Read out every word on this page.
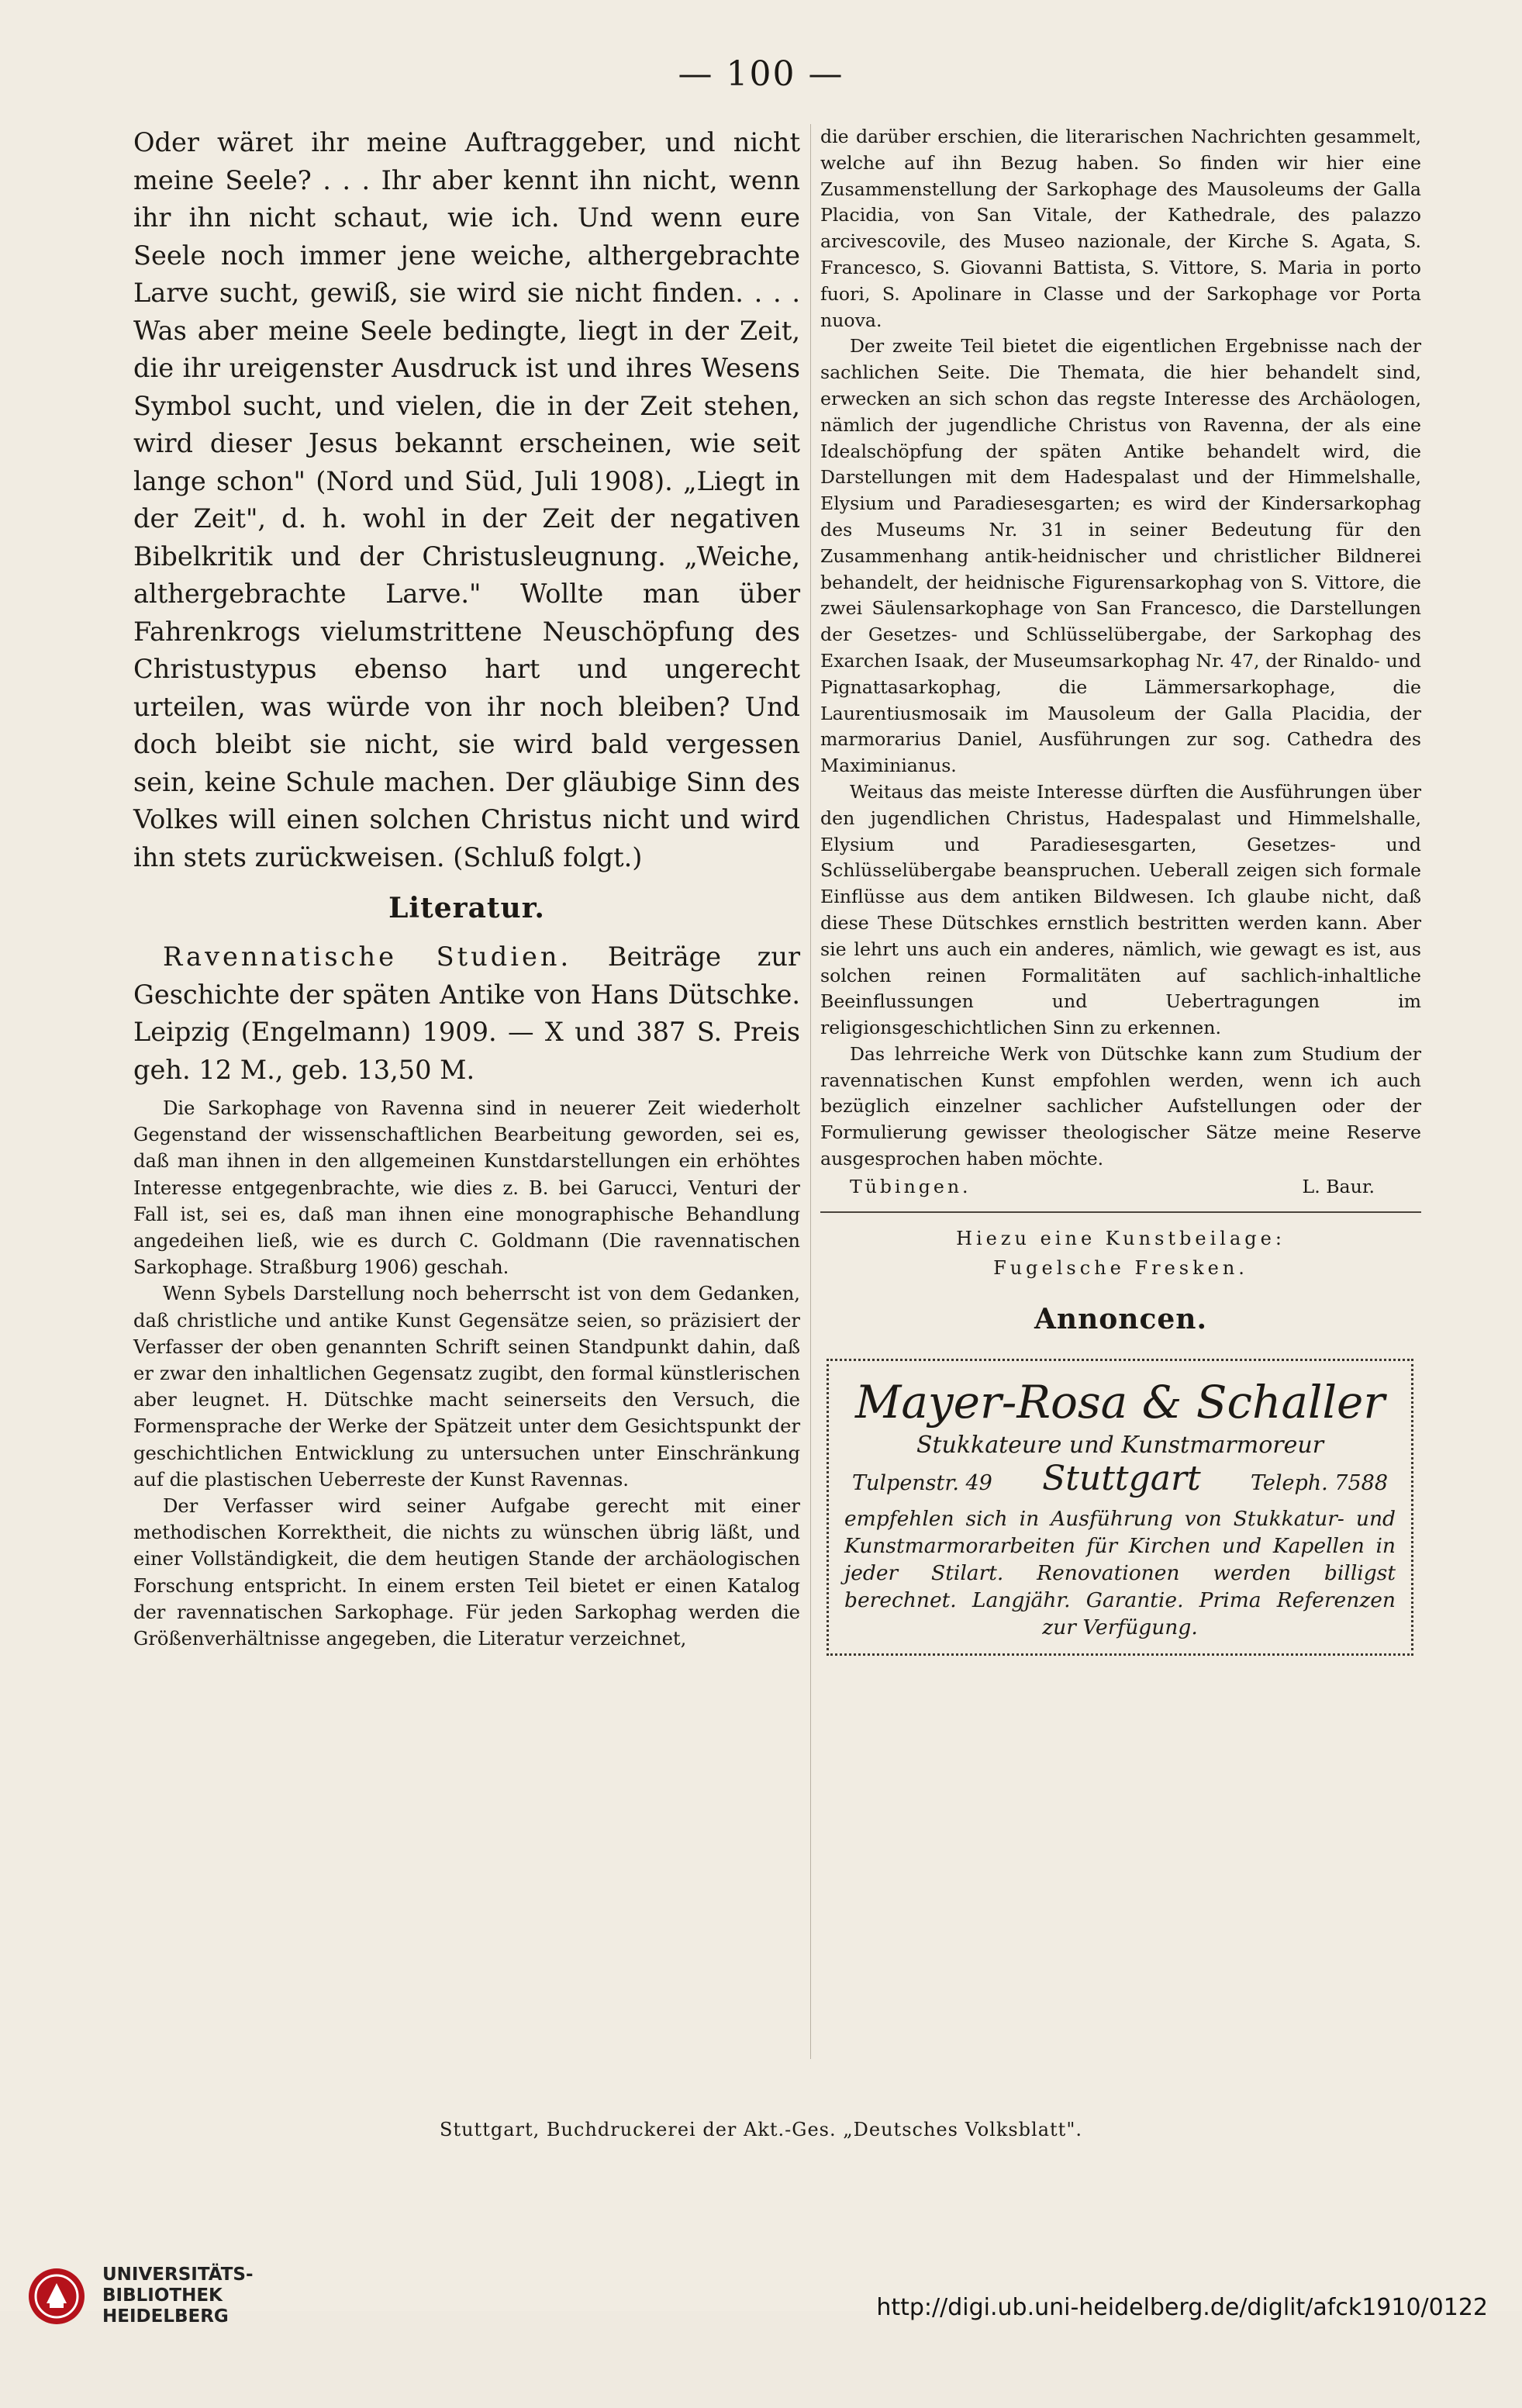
— 100 —

Oder wäret ihr meine Auftraggeber, und nicht meine Seele? . . . Ihr aber kennt ihn nicht, wenn ihr ihn nicht schaut, wie ich. Und wenn eure Seele noch immer jene weiche, althergebrachte Larve sucht, gewiß, sie wird sie nicht finden. . . . Was aber meine Seele bedingte, liegt in der Zeit, die ihr ureigenster Ausdruck ist und ihres Wesens Symbol sucht, und vielen, die in der Zeit stehen, wird dieser Jesus bekannt erscheinen, wie seit lange schon" (Nord und Süd, Juli 1908). „Liegt in der Zeit", d. h. wohl in der Zeit der negativen Bibelkritik und der Christusleugnung. „Weiche, althergebrachte Larve." Wollte man über Fahrenkrogs vielumstrittene Neuschöpfung des Christustypus ebenso hart und ungerecht urteilen, was würde von ihr noch bleiben? Und doch bleibt sie nicht, sie wird bald vergessen sein, keine Schule machen. Der gläubige Sinn des Volkes will einen solchen Christus nicht und wird ihn stets zurückweisen. (Schluß folgt.)

Literatur.

Ravennatische Studien. Beiträge zur Geschichte der späten Antike von Hans Dütschke. Leipzig (Engelmann) 1909. — X und 387 S. Preis geh. 12 M., geb. 13,50 M.

Die Sarkophage von Ravenna sind in neuerer Zeit wiederholt Gegenstand der wissenschaftlichen Bearbeitung geworden, sei es, daß man ihnen in den allgemeinen Kunstdarstellungen ein erhöhtes Interesse entgegenbrachte, wie dies z. B. bei Garucci, Venturi der Fall ist, sei es, daß man ihnen eine monographische Behandlung angedeihen ließ, wie es durch C. Goldmann (Die ravennatischen Sarkophage. Straßburg 1906) geschah.

Wenn Sybels Darstellung noch beherrscht ist von dem Gedanken, daß christliche und antike Kunst Gegensätze seien, so präzisiert der Verfasser der oben genannten Schrift seinen Standpunkt dahin, daß er zwar den inhaltlichen Gegensatz zugibt, den formal künstlerischen aber leugnet. H. Dütschke macht seinerseits den Versuch, die Formensprache der Werke der Spätzeit unter dem Gesichtspunkt der geschichtlichen Entwicklung zu untersuchen unter Einschränkung auf die plastischen Ueberreste der Kunst Ravennas.

Der Verfasser wird seiner Aufgabe gerecht mit einer methodischen Korrektheit, die nichts zu wünschen übrig läßt, und einer Vollständigkeit, die dem heutigen Stande der archäologischen Forschung entspricht. In einem ersten Teil bietet er einen Katalog der ravennatischen Sarkophage. Für jeden Sarkophag werden die Größenverhältnisse angegeben, die Literatur verzeichnet,

die darüber erschien, die literarischen Nachrichten gesammelt, welche auf ihn Bezug haben. So finden wir hier eine Zusammenstellung der Sarkophage des Mausoleums der Galla Placidia, von San Vitale, der Kathedrale, des palazzo arcivescovile, des Museo nazionale, der Kirche S. Agata, S. Francesco, S. Giovanni Battista, S. Vittore, S. Maria in porto fuori, S. Apolinare in Classe und der Sarkophage vor Porta nuova.

Der zweite Teil bietet die eigentlichen Ergebnisse nach der sachlichen Seite. Die Themata, die hier behandelt sind, erwecken an sich schon das regste Interesse des Archäologen, nämlich der jugendliche Christus von Ravenna, der als eine Idealschöpfung der späten Antike behandelt wird, die Darstellungen mit dem Hadespalast und der Himmelshalle, Elysium und Paradiesesgarten; es wird der Kindersarkophag des Museums Nr. 31 in seiner Bedeutung für den Zusammenhang antik-heidnischer und christlicher Bildnerei behandelt, der heidnische Figurensarkophag von S. Vittore, die zwei Säulensarkophage von San Francesco, die Darstellungen der Gesetzes- und Schlüsselübergabe, der Sarkophag des Exarchen Isaak, der Museumsarkophag Nr. 47, der Rinaldo- und Pignattasarkophag, die Lämmersarkophage, die Laurentiusmosaik im Mausoleum der Galla Placidia, der marmorarius Daniel, Ausführungen zur sog. Cathedra des Maximinianus.

Weitaus das meiste Interesse dürften die Ausführungen über den jugendlichen Christus, Hadespalast und Himmelshalle, Elysium und Paradiesesgarten, Gesetzes- und Schlüsselübergabe beanspruchen. Ueberall zeigen sich formale Einflüsse aus dem antiken Bildwesen. Ich glaube nicht, daß diese These Dütschkes ernstlich bestritten werden kann. Aber sie lehrt uns auch ein anderes, nämlich, wie gewagt es ist, aus solchen reinen Formalitäten auf sachlich-inhaltliche Beeinflussungen und Uebertragungen im religionsgeschichtlichen Sinn zu erkennen.

Das lehrreiche Werk von Dütschke kann zum Studium der ravennatischen Kunst empfohlen werden, wenn ich auch bezüglich einzelner sachlicher Aufstellungen oder der Formulierung gewisser theologischer Sätze meine Reserve ausgesprochen haben möchte.

Tübingen.	L. Baur.
Hiezu eine Kunstbeilage:
Fugelsche Fresken.
Annoncen.
Mayer-Rosa & Schaller
Stukkateure und Kunstmarmoreur
Tulpenstr. 49 Stuttgart Teleph. 7588
empfehlen sich in Ausführung von Stukkatur- und Kunstmarmorarbeiten für Kirchen und Kapellen in jeder Stilart. Renovationen werden billigst berechnet. Langjähr. Garantie. Prima Referenzen zur Verfügung.
Stuttgart, Buchdruckerei der Akt.-Ges. „Deutsches Volksblatt".
UNIVERSITÄTS-
BIBLIOTHEK
HEIDELBERG	http://digi.ub.uni-heidelberg.de/diglit/afck1910/0122
